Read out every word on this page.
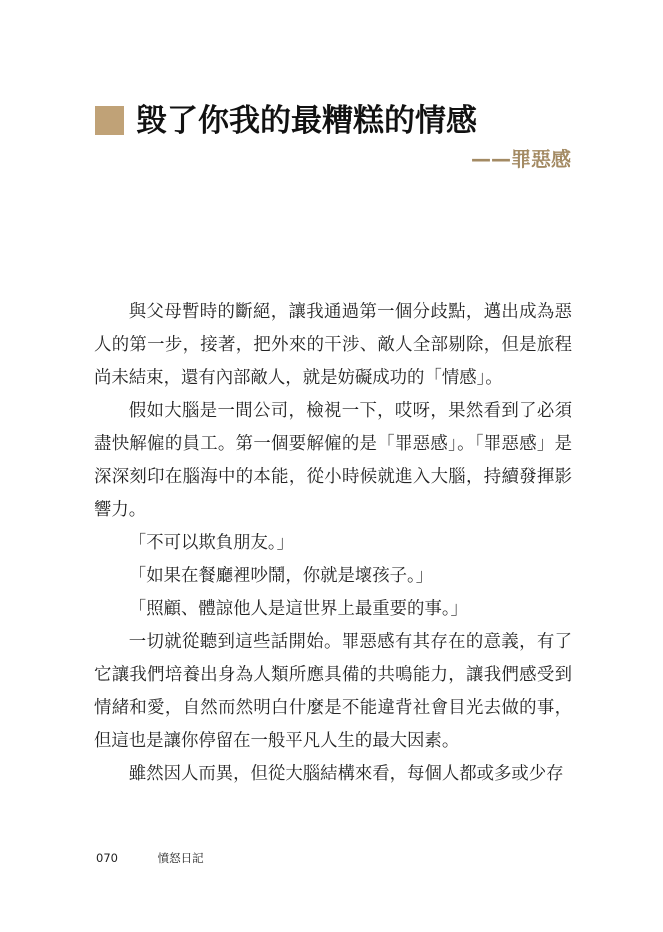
毀了你我的最糟糕的情感
——罪惡感

與父母暫時的斷絕，讓我通過第一個分歧點，邁出成為惡人的第一步，接著，把外來的干涉、敵人全部剔除，但是旅程尚未結束，還有內部敵人，就是妨礙成功的「情感」。

假如大腦是一間公司，檢視一下，哎呀，果然看到了必須盡快解僱的員工。第一個要解僱的是「罪惡感」。「罪惡感」是深深刻印在腦海中的本能，從小時候就進入大腦，持續發揮影響力。

「不可以欺負朋友。」

「如果在餐廳裡吵鬧，你就是壞孩子。」

「照顧、體諒他人是這世界上最重要的事。」

一切就從聽到這些話開始。罪惡感有其存在的意義，有了它讓我們培養出身為人類所應具備的共鳴能力，讓我們感受到情緒和愛，自然而然明白什麼是不能違背社會目光去做的事，但這也是讓你停留在一般平凡人生的最大因素。

雖然因人而異，但從大腦結構來看，每個人都或多或少存

070	憤怒日記
